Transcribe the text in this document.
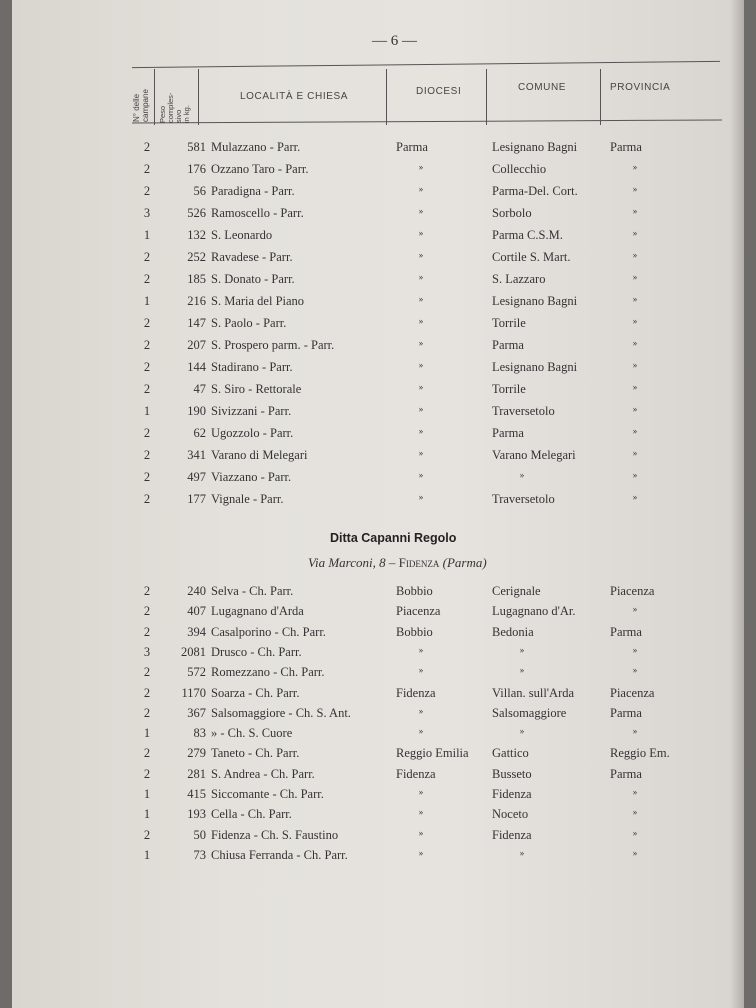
— 6 —
N° delle
campane Peso
comples-
sivo
in kg.
LOCALITÀ E CHIESA	DIOCESI	COMUNE	PROVINCIA
2	581 Mulazzano - Parr.	Parma	Lesignano Bagni	Parma
2	176 Ozzano Taro - Parr.	»	Collecchio	»
2	56 Paradigna - Parr.	»	Parma-Del. Cort.	»
3	526 Ramoscello - Parr.	»	Sorbolo	»
1	132 S. Leonardo	»	Parma C.S.M.	»
2	252 Ravadese - Parr.	»	Cortile S. Mart.	»
2	185 S. Donato - Parr.	»	S. Lazzaro	»
1	216 S. Maria del Piano	»	Lesignano Bagni	»
2	147 S. Paolo - Parr.	»	Torrile	»
2	207 S. Prospero parm. - Parr.	»	Parma	»
2	144 Stadirano - Parr.	»	Lesignano Bagni	»
2	47 S. Siro - Rettorale	»	Torrile	»
1	190 Sivizzani - Parr.	»	Traversetolo	»
2	62 Ugozzolo - Parr.	»	Parma	»
2	341 Varano di Melegari	»	Varano Melegari	»
2	497 Viazzano - Parr.	»	»	»
2	177 Vignale - Parr.	»	Traversetolo	»
Ditta Capanni Regolo
Via Marconi, 8 – Fidenza (Parma)
2	240 Selva - Ch. Parr.	Bobbio	Cerignale	Piacenza
2	407 Lugagnano d'Arda	Piacenza	Lugagnano d'Ar.	»
2	394 Casalporino - Ch. Parr.	Bobbio	Bedonia	Parma
3	2081 Drusco - Ch. Parr.	»	»	»
2	572 Romezzano - Ch. Parr.	»	»	»
2	1170 Soarza - Ch. Parr.	Fidenza	Villan. sull'Arda	Piacenza
2	367 Salsomaggiore - Ch. S. Ant.	»	Salsomaggiore	Parma
1	83 » - Ch. S. Cuore	»	»	»
2	279 Taneto - Ch. Parr.	Reggio Emilia	Gattico	Reggio Em.
2	281 S. Andrea - Ch. Parr.	Fidenza	Busseto	Parma
1	415 Siccomante - Ch. Parr.	»	Fidenza	»
1	193 Cella - Ch. Parr.	»	Noceto	»
2	50 Fidenza - Ch. S. Faustino	»	Fidenza	»
1	73 Chiusa Ferranda - Ch. Parr.	»	»	»
